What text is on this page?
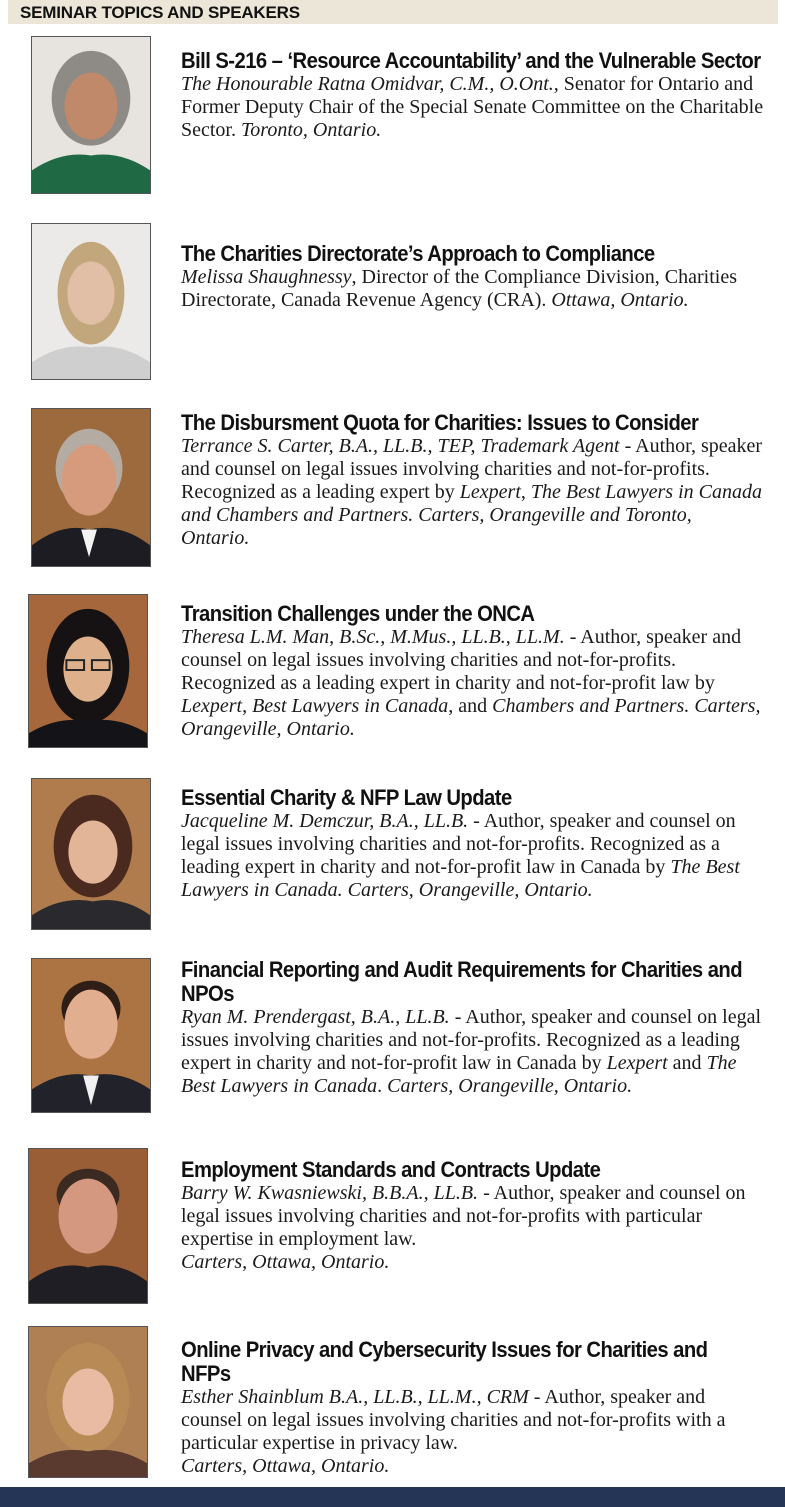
SEMINAR TOPICS AND SPEAKERS
Bill S-216 – ‘Resource Accountability’ and the Vulnerable Sector
The Honourable Ratna Omidvar, C.M., O.Ont., Senator for Ontario and Former Deputy Chair of the Special Senate Committee on the Charitable Sector. Toronto, Ontario.
The Charities Directorate’s Approach to Compliance
Melissa Shaughnessy, Director of the Compliance Division, Charities Directorate, Canada Revenue Agency (CRA). Ottawa, Ontario.
The Disbursment Quota for Charities: Issues to Consider
Terrance S. Carter, B.A., LL.B., TEP, Trademark Agent - Author, speaker and counsel on legal issues involving charities and not-for-profits. Recognized as a leading expert by Lexpert, The Best Lawyers in Canada and Chambers and Partners. Carters, Orangeville and Toronto, Ontario.
Transition Challenges under the ONCA
Theresa L.M. Man, B.Sc., M.Mus., LL.B., LL.M. - Author, speaker and counsel on legal issues involving charities and not-for-profits. Recognized as a leading expert in charity and not-for-profit law by Lexpert, Best Lawyers in Canada, and Chambers and Partners. Carters, Orangeville, Ontario.
Essential Charity & NFP Law Update
Jacqueline M. Demczur, B.A., LL.B. - Author, speaker and counsel on legal issues involving charities and not-for-profits. Recognized as a leading expert in charity and not-for-profit law in Canada by The Best Lawyers in Canada. Carters, Orangeville, Ontario.
Financial Reporting and Audit Requirements for Charities and NPOs
Ryan M. Prendergast, B.A., LL.B. - Author, speaker and counsel on legal issues involving charities and not-for-profits. Recognized as a leading expert in charity and not-for-profit law in Canada by Lexpert and The Best Lawyers in Canada. Carters, Orangeville, Ontario.
Employment Standards and Contracts Update
Barry W. Kwasniewski, B.B.A., LL.B. - Author, speaker and counsel on legal issues involving charities and not-for-profits with particular expertise in employment law.
Carters, Ottawa, Ontario.
Online Privacy and Cybersecurity Issues for Charities and NFPs
Esther Shainblum B.A., LL.B., LL.M., CRM - Author, speaker and counsel on legal issues involving charities and not-for-profits with a particular expertise in privacy law.
Carters, Ottawa, Ontario.
